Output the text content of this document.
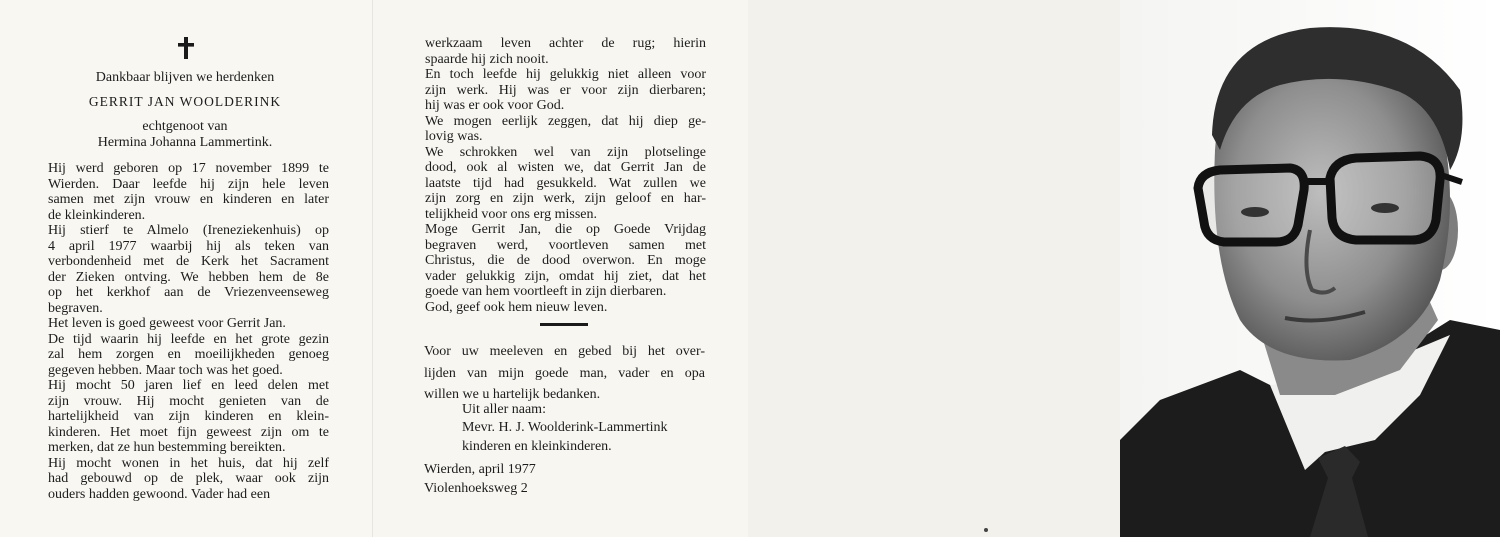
Dankbaar blijven we herdenken
GERRIT JAN WOOLDERINK
echtgenoot van
Hermina Johanna Lammertink.
Hij werd geboren op 17 november 1899 te
Wierden. Daar leefde hij zijn hele leven
samen met zijn vrouw en kinderen en later
de kleinkinderen.
Hij stierf te Almelo (Ireneziekenhuis) op
4 april 1977 waarbij hij als teken van
verbondenheid met de Kerk het Sacrament
der Zieken ontving. We hebben hem de 8e
op het kerkhof aan de Vriezenveenseweg
begraven.
Het leven is goed geweest voor Gerrit Jan.
De tijd waarin hij leefde en het grote gezin
zal hem zorgen en moeilijkheden genoeg
gegeven hebben. Maar toch was het goed.
Hij mocht 50 jaren lief en leed delen met
zijn vrouw. Hij mocht genieten van de
hartelijkheid van zijn kinderen en klein-
kinderen. Het moet fijn geweest zijn om te
merken, dat ze hun bestemming bereikten.
Hij mocht wonen in het huis, dat hij zelf
had gebouwd op de plek, waar ook zijn
ouders hadden gewoond. Vader had een
werkzaam leven achter de rug; hierin
spaarde hij zich nooit.
En toch leefde hij gelukkig niet alleen voor
zijn werk. Hij was er voor zijn dierbaren;
hij was er ook voor God.
We mogen eerlijk zeggen, dat hij diep ge-
lovig was.
We schrokken wel van zijn plotselinge
dood, ook al wisten we, dat Gerrit Jan de
laatste tijd had gesukkeld. Wat zullen we
zijn zorg en zijn werk, zijn geloof en har-
telijkheid voor ons erg missen.
Moge Gerrit Jan, die op Goede Vrijdag
begraven werd, voortleven samen met
Christus, die de dood overwon. En moge
vader gelukkig zijn, omdat hij ziet, dat het
goede van hem voortleeft in zijn dierbaren.
God, geef ook hem nieuw leven.
Voor uw meeleven en gebed bij het over-
lijden van mijn goede man, vader en opa
willen we u hartelijk bedanken.
Uit aller naam:
Mevr. H. J. Woolderink-Lammertink
kinderen en kleinkinderen.
Wierden, april 1977
Violenhoeksweg 2
